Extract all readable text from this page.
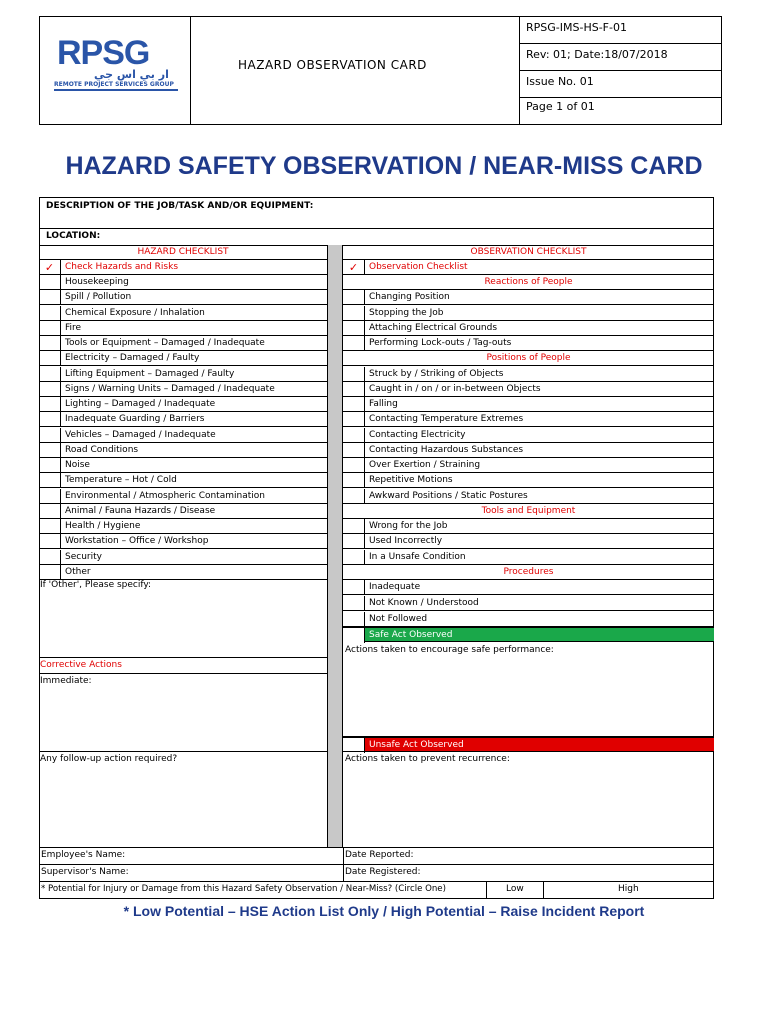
RPSG
ار بي اس جي
REMOTE PROJECT SERVICES GROUP
HAZARD OBSERVATION CARD
RPSG-IMS-HS-F-01
Rev: 01; Date:18/07/2018
Issue No. 01
Page 1 of 01
HAZARD SAFETY OBSERVATION / NEAR-MISS CARD
DESCRIPTION OF THE JOB/TASK AND/OR EQUIPMENT:
LOCATION:
HAZARD CHECKLIST
✓	Check Hazards and Risks
If 'Other', Please specify:
Corrective Actions
Immediate:
Any follow-up action required?
Housekeeping
Spill / Pollution
Chemical Exposure / Inhalation
Fire
Tools or Equipment – Damaged / Inadequate
Electricity – Damaged / Faulty
Lifting Equipment – Damaged / Faulty
Signs / Warning Units – Damaged / Inadequate
Lighting – Damaged / Inadequate
Inadequate Guarding / Barriers
Vehicles – Damaged / Inadequate
Road Conditions
Noise
Temperature – Hot / Cold
Environmental / Atmospheric Contamination
Animal / Fauna Hazards / Disease
Health / Hygiene
Workstation – Office / Workshop
Security
Other
OBSERVATION CHECKLIST
✓	Observation Checklist
Reactions of People
Changing Position
Stopping the Job
Attaching Electrical Grounds
Performing Lock-outs / Tag-outs
Positions of People
Struck by / Striking of Objects
Caught in / on / or in-between Objects
Falling
Contacting Temperature Extremes
Contacting Electricity
Contacting Hazardous Substances
Over Exertion / Straining
Repetitive Motions
Awkward Positions / Static Postures
Tools and Equipment
Wrong for the Job
Used Incorrectly
In a Unsafe Condition
Procedures
Inadequate
Not Known / Understood
Not Followed
Safe Act Observed
Actions taken to encourage safe performance:
Unsafe Act Observed
Actions taken to prevent recurrence:
Employee's Name:	Date Reported:
Supervisor's Name:	Date Registered:
* Potential for Injury or Damage from this Hazard Safety Observation / Near-Miss? (Circle One)	Low	High
* Low Potential – HSE Action List Only / High Potential – Raise Incident Report
